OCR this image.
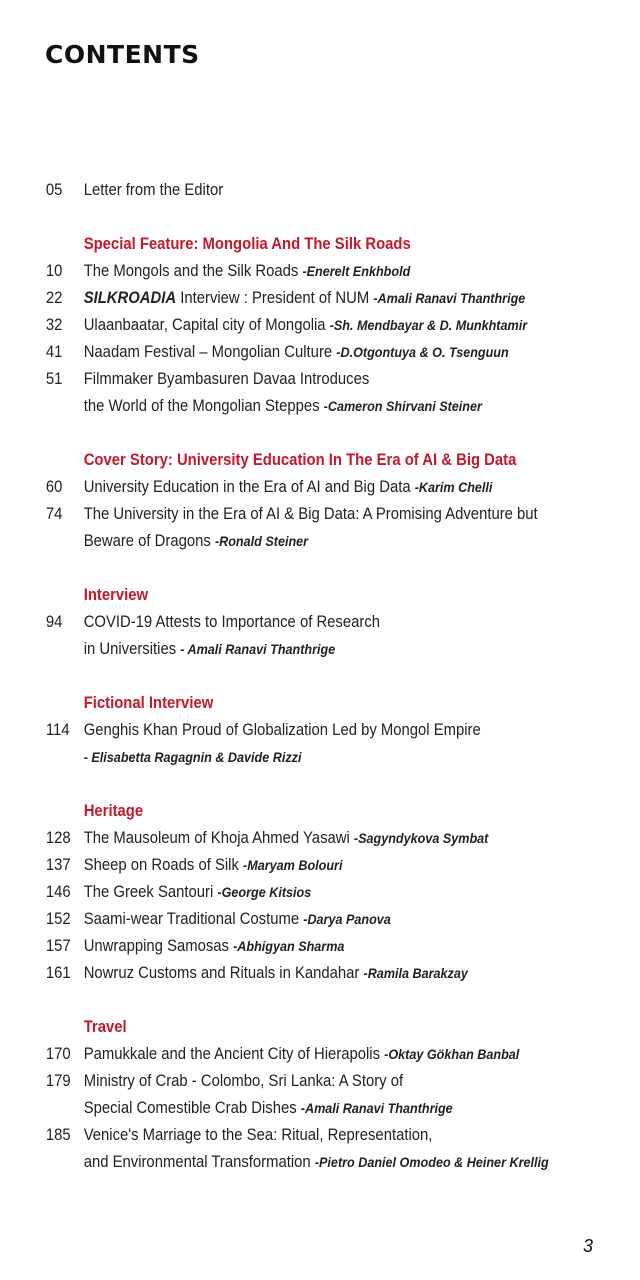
CONTENTS
05	Letter from the Editor
Special Feature: Mongolia And The Silk Roads
10	The Mongols and the Silk Roads -Enerelt Enkhbold
22	SILKROADIA Interview : President of NUM -Amali Ranavi Thanthrige
32	Ulaanbaatar, Capital city of Mongolia -Sh. Mendbayar & D. Munkhtamir
41	Naadam Festival – Mongolian Culture -D.Otgontuya & O. Tsenguun
51	Filmmaker Byambasuren Davaa Introduces
the World of the Mongolian Steppes -Cameron Shirvani Steiner
Cover Story: University Education In The Era of AI & Big Data
60	University Education in the Era of AI and Big Data -Karim Chelli
74	The University in the Era of AI & Big Data: A Promising Adventure but
Beware of Dragons -Ronald Steiner
Interview
94	COVID-19 Attests to Importance of Research
in Universities - Amali Ranavi Thanthrige
Fictional Interview
114 Genghis Khan Proud of Globalization Led by Mongol Empire
- Elisabetta Ragagnin & Davide Rizzi
Heritage
128 The Mausoleum of Khoja Ahmed Yasawi -Sagyndykova Symbat
137 Sheep on Roads of Silk -Maryam Bolouri
146 The Greek Santouri -George Kitsios
152 Saami-wear Traditional Costume -Darya Panova
157 Unwrapping Samosas -Abhigyan Sharma
161 Nowruz Customs and Rituals in Kandahar -Ramila Barakzay
Travel
170 Pamukkale and the Ancient City of Hierapolis -Oktay Gökhan Banbal
179 Ministry of Crab - Colombo, Sri Lanka: A Story of
Special Comestible Crab Dishes -Amali Ranavi Thanthrige
185 Venice's Marriage to the Sea: Ritual, Representation,
and Environmental Transformation -Pietro Daniel Omodeo & Heiner Krellig
3
